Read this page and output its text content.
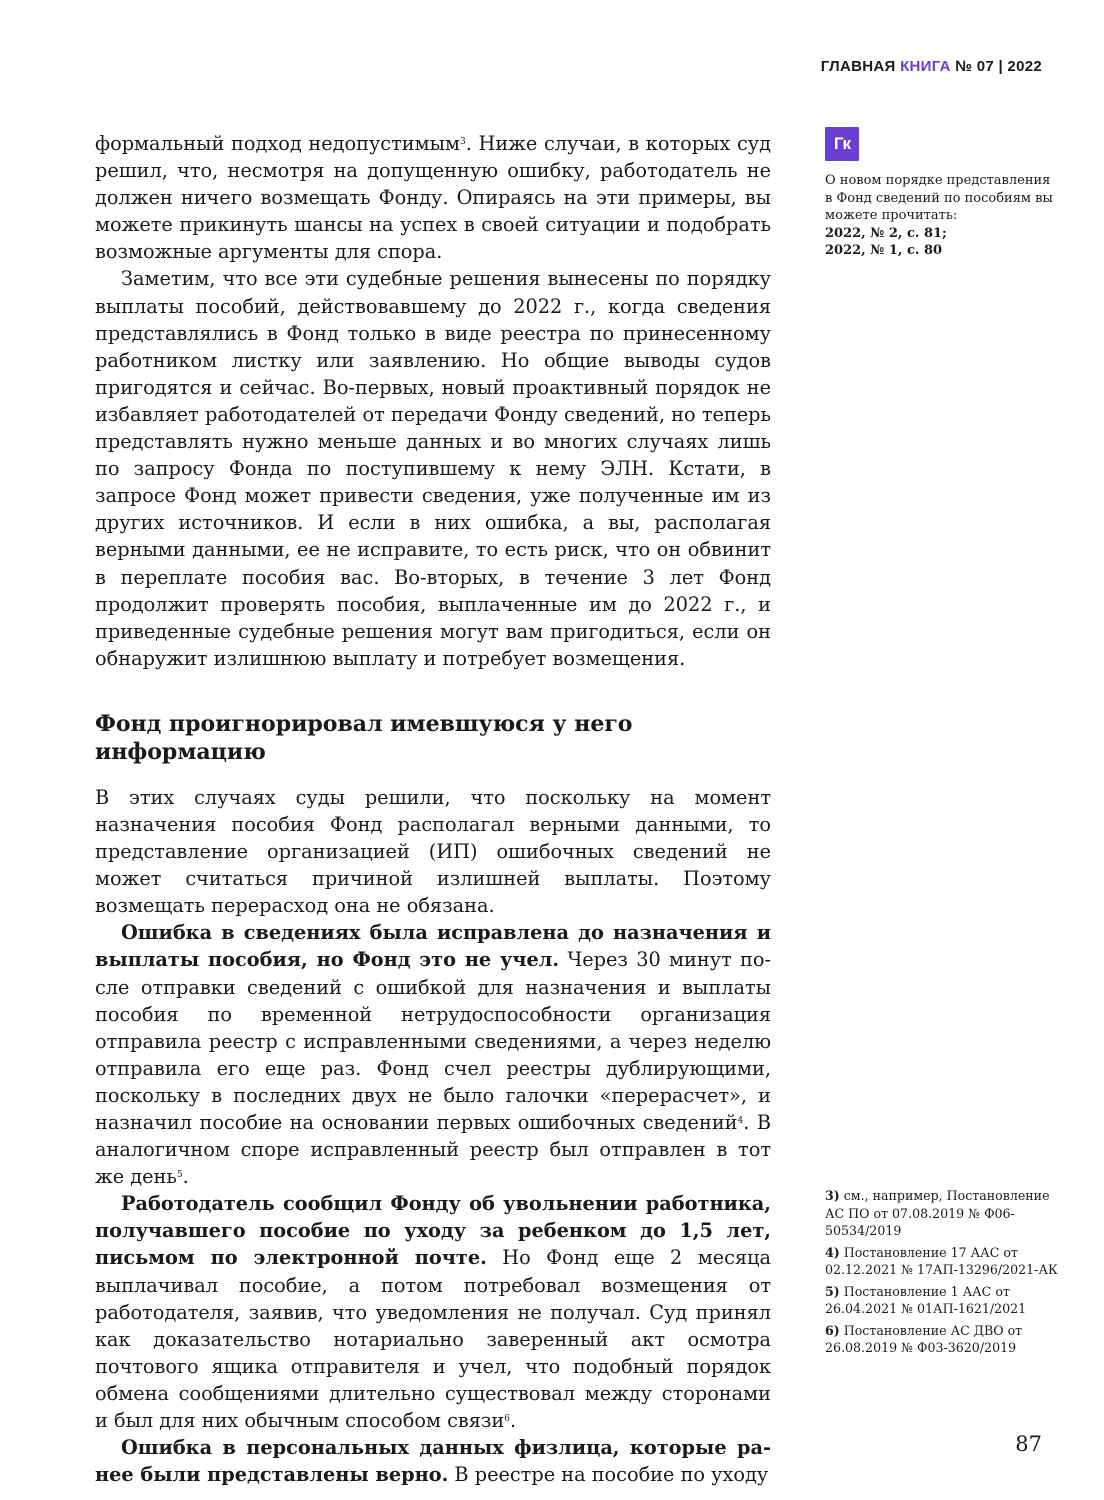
ГЛАВНАЯ КНИГА № 07 | 2022

формальный подход недопустимым$^3$. Ниже случаи, в которых суд решил, что, несмотря на допущенную ошибку, работодатель не должен ничего возмещать Фонду. Опираясь на эти примеры, вы можете прикинуть шансы на успех в своей ситуации и подобрать возможные аргументы для спора.

Заметим, что все эти судебные решения вынесены по порядку выплаты пособий, действовавшему до 2022 г., когда сведения представлялись в Фонд только в виде реестра по принесенному работником листку или заявлению. Но общие выводы судов пригодятся и сейчас. Во-первых, новый проактивный порядок не избавляет работодателей от передачи Фонду сведений, но теперь представлять нужно меньше данных и во многих случаях лишь по запросу Фонда по поступившему к нему ЭЛН. Кстати, в запросе Фонд может привести сведения, уже полученные им из других источников. И если в них ошибка, а вы, располагая верными данными, ее не исправите, то есть риск, что он обвинит в переплате пособия вас. Во-вторых, в течение 3 лет Фонд продолжит проверять пособия, выплаченные им до 2022 г., и приведенные судебные решения могут вам пригодиться, если он обнаружит излишнюю выплату и потребует возмещения.

Фонд проигнорировал имевшуюся у него информацию

В этих случаях суды решили, что поскольку на момент назначения пособия Фонд располагал верными данными, то представление организацией (ИП) ошибочных сведений не может считаться причиной излишней выплаты. Поэтому возмещать перерасход она не обязана.

Ошибка в сведениях была исправлена до назначения и выплаты пособия, но Фонд это не учел. Через 30 минут после отправки сведений с ошибкой для назначения и выплаты пособия по временной нетрудоспособности организация отправила реестр с исправленными сведениями, а через неделю отправила его еще раз. Фонд счел реестры дублирующими, поскольку в последних двух не было галочки «перерасчет», и назначил пособие на основании первых ошибочных сведений$^4$. В аналогичном споре исправленный реестр был отправлен в тот же день$^5$.

Работодатель сообщил Фонду об увольнении работника, получавшего пособие по уходу за ребенком до 1,5 лет, письмом по электронной почте. Но Фонд еще 2 месяца выплачивал пособие, а потом потребовал возмещения от работодателя, заявив, что уведомления не получал. Суд принял как доказательство нотариально заверенный акт осмотра почтового ящика отправителя и учел, что подобный порядок обмена сообщениями длительно существовал между сторонами и был для них обычным способом связи$^6$.

Ошибка в персональных данных физлица, которые ранее были представлены верно. В реестре на пособие по уходу

Гк
О новом порядке представления в Фонд сведений по пособиям вы можете прочитать:
2022, № 2, с. 81;
2022, № 1, с. 80
3) см., например, Постановление АС ПО от 07.08.2019 № Ф06-50534/2019
4) Постановление 17 ААС от 02.12.2021 № 17АП-13296/2021-АК
5) Постановление 1 ААС от 26.04.2021 № 01АП-1621/2021
6) Постановление АС ДВО от 26.08.2019 № Ф03-3620/2019
87
